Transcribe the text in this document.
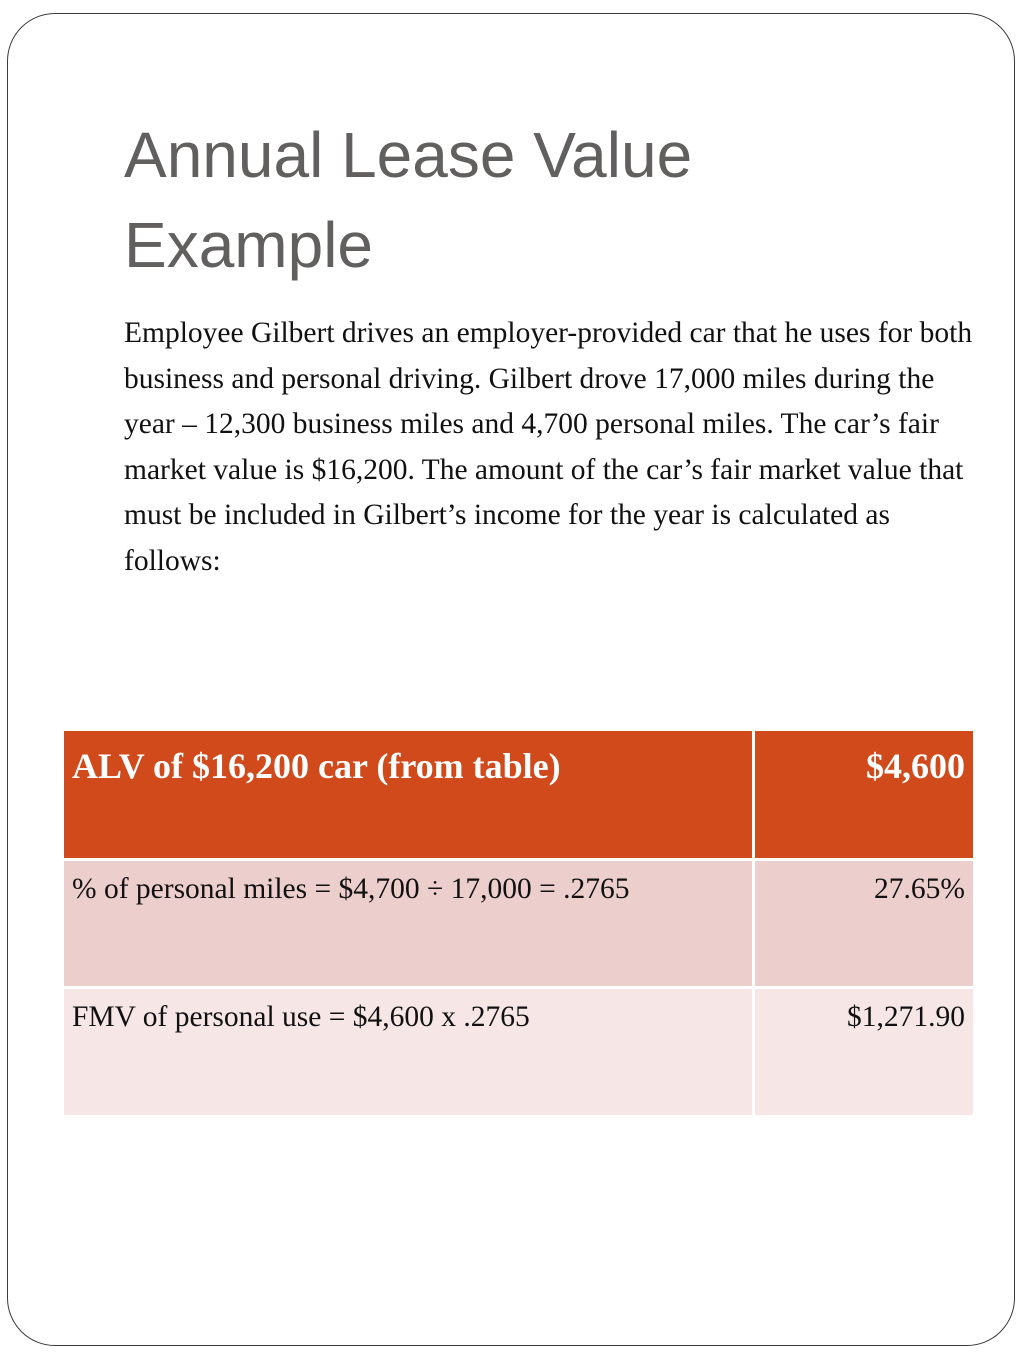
Annual Lease Value Example

Employee Gilbert drives an employer-provided car that he uses for both business and personal driving. Gilbert drove 17,000 miles during the year – 12,300 business miles and 4,700 personal miles. The car’s fair market value is $16,200. The amount of the car’s fair market value that must be included in Gilbert’s income for the year is calculated as follows:

ALV of $16,200 car (from table)	$4,600
% of personal miles = $4,700 ÷ 17,000 = .2765	27.65%
FMV of personal use = $4,600 x .2765	$1,271.90
